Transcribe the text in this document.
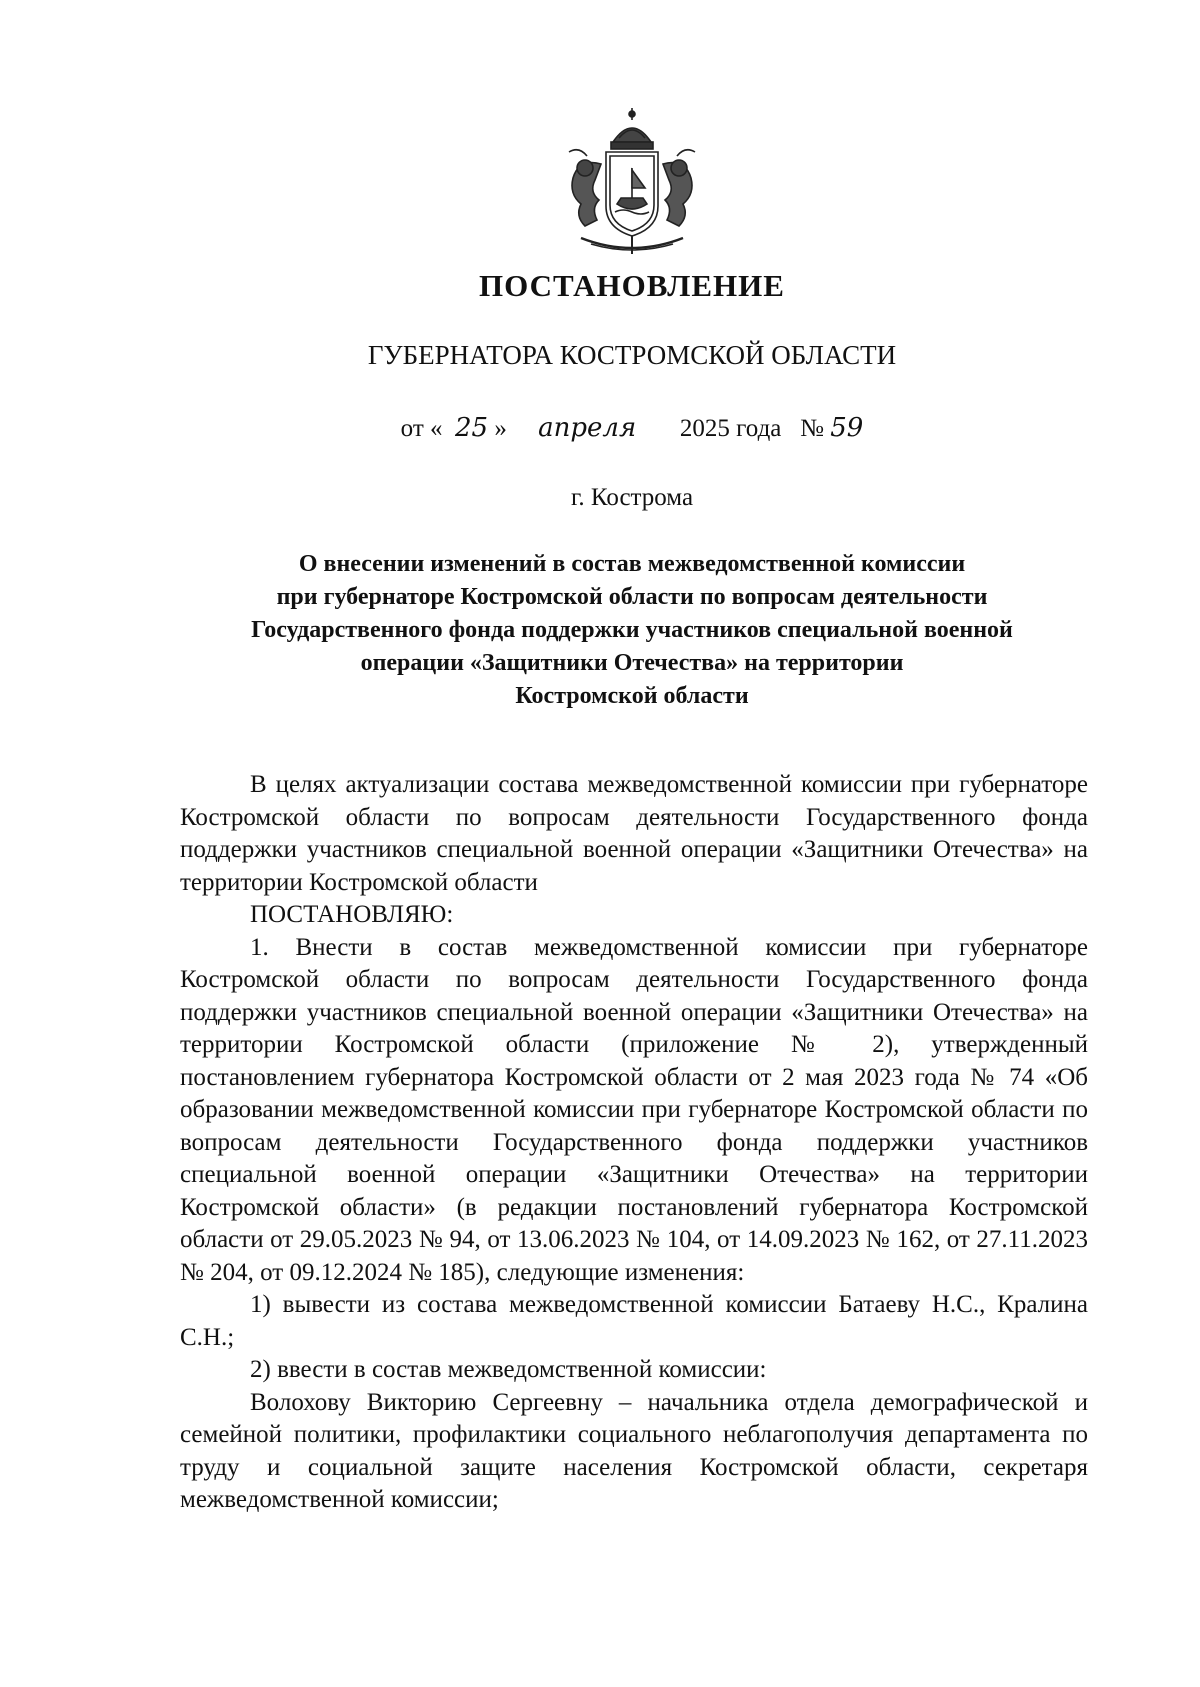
ПОСТАНОВЛЕНИЕ
ГУБЕРНАТОРА КОСТРОМСКОЙ ОБЛАСТИ
от « 25 » апреля 2025 года № 59
г. Кострома
О внесении изменений в состав межведомственной комиссии
при губернаторе Костромской области по вопросам деятельности
Государственного фонда поддержки участников специальной военной
операции «Защитники Отечества» на территории
Костромской области

В целях актуализации состава межведомственной комиссии при губернаторе Костромской области по вопросам деятельности Государственного фонда поддержки участников специальной военной операции «Защитники Отечества» на территории Костромской области

ПОСТАНОВЛЯЮ:

1. Внести в состав межведомственной комиссии при губернаторе Костромской области по вопросам деятельности Государственного фонда поддержки участников специальной военной операции «Защитники Отечества» на территории Костромской области (приложение № 2), утвержденный постановлением губернатора Костромской области от 2 мая 2023 года № 74 «Об образовании межведомственной комиссии при губернаторе Костромской области по вопросам деятельности Государственного фонда поддержки участников специальной военной операции «Защитники Отечества» на территории Костромской области» (в редакции постановлений губернатора Костромской области от 29.05.2023 № 94, от 13.06.2023 № 104, от 14.09.2023 № 162, от 27.11.2023 № 204, от 09.12.2024 № 185), следующие изменения:

1) вывести из состава межведомственной комиссии Батаеву Н.С., Кралина С.Н.;

2) ввести в состав межведомственной комиссии:

Волохову Викторию Сергеевну – начальника отдела демографической и семейной политики, профилактики социального неблагополучия департамента по труду и социальной защите населения Костромской области, секретаря межведомственной комиссии;
